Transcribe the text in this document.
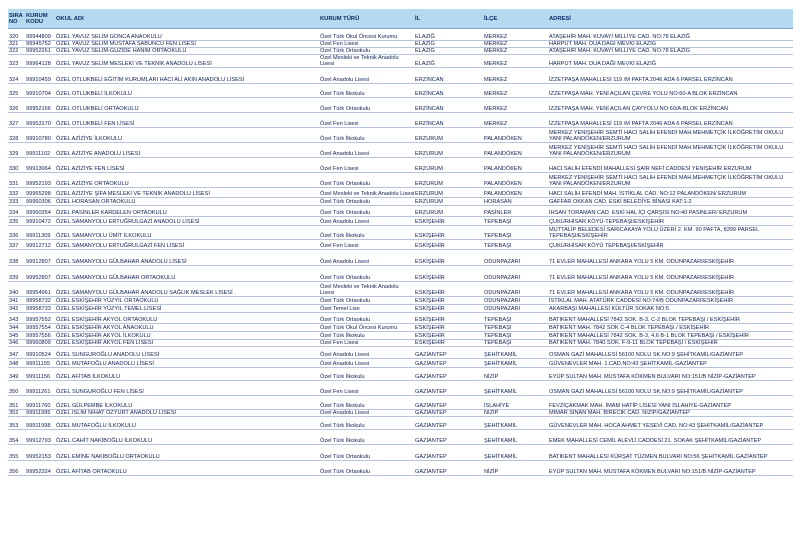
SIRA
NO	KURUM
KODU	OKUL ADI	KURUM TÜRÜ	İL	İLÇE	ADRESİ
320	99944809	ÖZEL YAVUZ SELİM GONCA ANAOKULU	Özel Türk Okul Öncesi Kurumu	ELAZIĞ	MERKEZ	ATAŞEHİR MAH. KUVAYİ MİLLİYE CAD. NO:78 ELAZIĞ
321	99945752	ÖZEL YAVUZ SELİM MUSTAFA SABUNCU FEN LİSESİ	Özel Fen Lisesi	ELAZIĞ	MERKEZ	HARPUT MAH. DUA DAĞI MEVKİ ELAZIĞ
322	99952261	ÖZEL YAVUZ SELİM-GÜZİDE HANIM ORTAOKULU	Özel Türk Ortaokulu	ELAZIĞ	MERKEZ	ATAŞEHİR MAH. KUVAYİ MİLLİYE CAD. NO:78 ELAZIĞ
323	99964128	ÖZEL YAVUZ SELİM MESLEKİ VE TEKNİK ANADOLU LİSESİ	Özel Mesleki ve Teknik Anadolu Lisesi	ELAZIĞ	MERKEZ	HARPUT MAH. DUA DAĞI MEVKİ ELAZIĞ
324	99910459	ÖZEL OTLUKBELİ EĞİTİM KURUMLARI HACI ALİ AKIN ANADOLU LİSESİ	Özel Anadolu Lisesi	ERZİNCAN	MERKEZ	İZZETPAŞA MAHALLESİ 119 /M PAFTA 2046 ADA 6 PARSEL ERZİNCAN
325	99910704	ÖZEL OTLUKBELİ İLKOKULU	Özel Türk İlkokulu	ERZİNCAN	MERKEZ	İZZETPAŞA MAH. YENİ AÇILAN ÇEVRE YOLU NO:60-A BLOK ERZİNCAN
326	99952166	ÖZEL OTLUKBELİ ORTAOKULU	Özel Türk Ortaokulu	ERZİNCAN	MERKEZ	İZZETPAŞA MAH. YENİ AÇILAN ÇAYYOLU NO:60/A-BLOK ERZİNCAN
327	99953170	ÖZEL OTLUKBELİ FEN LİSESİ	Özel Fen Lisesi	ERZİNCAN	MERKEZ	İZZETPAŞA MAHALLESİ 119 /M PAFTA 2046 ADA 6 PARSEL ERZİNCAN
328	99910780	ÖZEL AZİZİYE İLKOKULU	Özel Türk İlkokulu	ERZURUM	PALANDÖKEN	MERKEZ YENİŞEHİR SEMTİ HACI SALİH EFENDİ MAH.MEHMETÇİK İLKÖĞRETİM OKULU YANI PALANDÖKEN/ERZURUM
329	99911102	ÖZEL AZİZİYE ANADOLU LİSESİ	Özel Anadolu Lisesi	ERZURUM	PALANDÖKEN	MERKEZ YENİŞEHİR SEMTİ HACI SALİH EFENDİ MAH.MEHMETÇİK İLKÖĞRETİM OKULU YANI PALANDÖKEN/ERZURUM
330	99913064	ÖZEL AZİZİYE FEN LİSESİ	Özel Fen Lisesi	ERZURUM	PALANDÖKEN	HACI SALİH EFENDİ MAHALLESİ ŞAİR NEFİ CADDESİ YENİŞEHİR ERZURUM
331	99952193	ÖZEL AZİZİYE ORTAOKULU	Özel Türk Ortaokulu	ERZURUM	PALANDÖKEN	MERKEZ YENİŞEHİR SEMTİ HACI SALİH EFENDİ MAH.MEHMETÇİK İLKÖĞRETİM OKULU YANI PALANDÖKEN/ERZURUM
332	99965298	ÖZEL AZİZİYE ŞİFA MESLEKİ VE TEKNİK ANADOLU LİSESİ	Özel Mesleki ve Teknik Anadolu Lisesi	ERZURUM	PALANDÖKEN	HACI SALİH EFENDİ MAH. İSTİKLAL CAD. NO:12 PALANDÖKEN/ ERZURUM
333	99960306	ÖZEL HORASAN ORTAOKULU	Özel Türk Ortaokulu	ERZURUM	HORASAN	GAFFAR OKKAN CAD. ESKİ BELEDİYE BİNASI KAT:1-2
334	99960354	ÖZEL PASİNLER KARDELEN ORTAOKULU	Özel Türk Ortaokulu	ERZURUM	PASİNLER	İHSAN TORAMAN CAD. ESKİ HAL İÇİ ÇARŞISI NO:40 PASİNLER/ ERZURUM
335	99910472	ÖZEL SAMANYOLU ERTUĞRULGAZİ ANADOLU LİSESİ	Özel Anadolu Lisesi	ESKİŞEHİR	TEPEBAŞI	ÇUKURHİSAR KÖYÜ-TEPEBAŞI/ESKİŞEHİR
336	99911309	ÖZEL SAMANYOLU ÜMİT İLKOKULU	Özel Türk İlkokulu	ESKİŞEHİR	TEPEBAŞI	MUTTALİP BELEDESİ SARICAKAYA YOLU ÜZERİ 2. KM. 90 PAFTA, 8399 PARSEL TEPEBAŞI/ESKİŞEHİR
337	99912712	ÖZEL SAMANYOLU ERTUĞRULGAZİ FEN LİSESİ	Özel Fen Lisesi	ESKİŞEHİR	TEPEBAŞI	ÇUKURHİSAR KÖYÜ TEPEBAŞI/ESKİŞEHİR
338	99912807	ÖZEL SAMANYOLU GÜLBAHAR ANADOLU LİSESİ	Özel Anadolu Lisesi	ESKİŞEHİR	ODUNPAZARI	71 EVLER MAHALLESİ ANKARA YOLU 5 KM. ODUNPAZARI/ESKİŞEHİR
339	99952807	ÖZEL SAMANYOLU GÜLBAHAR ORTAOKULU	Özel Türk Ortaokulu	ESKİŞEHİR	ODUNPAZARI	71 EVLER MAHALLESİ ANKARA YOLU 5 KM. ODUNPAZARI/ESKİŞEHİR
340	99954961	ÖZEL SAMANYOLU GÜLBAHAR ANADOLU SAĞLIK MESLEK LİSESİ .	Özel Mesleki ve Teknik Anadolu Lisesi	ESKİŞEHİR	ODUNPAZARI	71 EVLER MAHALLESİ ANKARA YOLU 5 KM. ODUNPAZARI/ESKİŞEHİR
341	99958732	ÖZEL ESKİŞEHİR YÜZYIL ORTAOKULU	Özel Türk Ortaokulu	ESKİŞEHİR	ODUNPAZARI	İSTİKLAL MAH. ATATÜRK CADDESİ NO:74/B ODUNPAZARI/ESKİŞEHİR
342	99958733	ÖZEL ESKİŞEHİR YÜZYIL TEMEL LİSESİ	Özel Temel Lise	ESKİŞEHİR	ODUNPAZARI	AKARBAŞI MAHALLESİ KÜLTÜR SOKAK NO:5
343	99957552	ÖZEL ESKİŞEHİR AKYOL ORTAOKULU	Özel Türk Ortaokulu	ESKİŞEHİR	TEPEBAŞI	BATIKENT MAHALLESİ 7842 SOK. B-3, C-2 BLOK TEPEBAŞI / ESKİŞEHİR
344	99957554	ÖZEL ESKİŞEHİR AKYOL ANAOKULU	Özel Türk Okul Öncesi Kurumu	ESKİŞEHİR	TEPEBAŞI	BATIKENT MAH. 7842 SOK C-4 BLOK TEPEBAŞI / ESKİŞEHİR
345	99957556	ÖZEL ESKİŞEHİR AKYOL İLKOKULU	Özel Türk İlkokulu	ESKİŞEHİR	TEPEBAŞI	BATIKENT MAHALLESİ 7842 SOK. B-3, 4,6 B-1 BLOK TEPEBAŞI / ESKİŞEHİR
346	99960809	ÖZEL ESKİŞEHİR AKYOL FEN LİSESİ	Özel Fen Lisesi	ESKİŞEHİR	TEPEBAŞI	BATIKENT MAH. 7840 SOK. F-9-11 BLOK TEPEBAŞI / ESKİŞEHİR
347	99910524	ÖZEL SUNGUROĞLU ANADOLU LİSESİ	Özel Anadolu Lisesi	GAZİANTEP	ŞEHİTKAMİL	OSMAN GAZİ MAHALLESİ 56100 NOLU SK.NO:9 ŞEHİTKAMİL/GAZİANTEP
348	99911155	ÖZEL MUTAFOĞLU ANADOLU LİSESİ	Özel Anadolu Lisesi	GAZİANTEP	ŞEHİTKAMİL	GÜVENEVLER MAH. 1.CAD.NO:43 ŞEHİTKAMİL-GAZİANTEP
349	99911156	ÖZEL AFİTAB İLKOKULU	Özel Türk İlkokulu	GAZİANTEP	NİZİP	EYÜP SULTAN MAH. MUSTAFA KÖKMEN BULVARI NO:151/B NİZİP-GAZİANTEP
350	99911261	ÖZEL SUNGUROĞLU FEN LİSESİ	Özel Fen Lisesi	GAZİANTEP	ŞEHİTKAMİL	OSMAN GAZİ MAHALLESİ 56100 NOLU SK.NO:9 ŞEHİTKAMİL/GAZİANTEP
351	99911760	ÖZEL GÜLPEMBE İLKOKULU	Özel Türk İlkokulu	GAZİANTEP	İSLAHİYE	FEVZİÇAKMAK MAH. İMAM HATİP LİSESİ YANI İSLAHİYE-GAZİANTEP
352	99911995	ÖZEL İSLİM NİHAT ÖZYURT ANADOLU LİSESİ	Özel Anadolu Lisesi	GAZİANTEP	NİZİP	MİMAR SİNAN MAH. BİRECİK CAD. NİZİP/GAZİANTEP
353	99911998	ÖZEL MUTAFOĞLU İLKOKULU	Özel Türk İlkokulu	GAZİANTEP	ŞEHİTKAMİL	GÜVENEVLER MAH. HOCA AHMET YESEVİ CAD. NO:43 ŞEHİTKAMİL/GAZİANTEP
354	99912793	ÖZEL CAHİT NAKİBOĞLU İLKOKULU	Özel Türk İlkokulu	GAZİANTEP	ŞEHİTKAMİL	EMEK MAHALLESİ CEMİL ALEVLİ CADDESİ 21. SOKAK ŞEHİTKAMİL/GAZİANTEP
355	99952153	ÖZEL EMİNE NAKİBOĞLU ORTAOKULU	Özel Türk Ortaokulu	GAZİANTEP	ŞEHİTKAMİL	BATIKENT MAHALLESİ KÜRŞAT TÜZMEN BULVARI NO:56 ŞEHİTKAMİL GAZİANTEP
356	99952324	ÖZEL AFİTAB ORTAOKULU	Özel Türk Ortaokulu	GAZİANTEP	NİZİP	EYÜP SULTAN MAH. MUSTAFA KÖKMEN BULVARI NO:151/B NİZİP-GAZİANTEP
